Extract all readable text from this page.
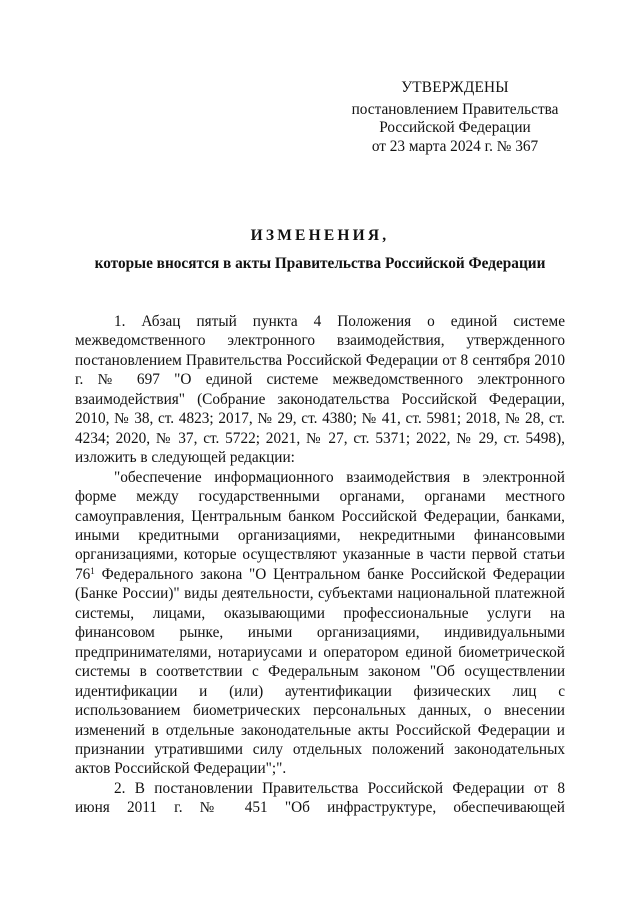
УТВЕРЖДЕНЫ
постановлением Правительства
Российской Федерации
от 23 марта 2024 г. № 367
ИЗМЕНЕНИЯ,
которые вносятся в акты Правительства Российской Федерации

1. Абзац пятый пункта 4 Положения о единой системе межведомственного электронного взаимодействия, утвержденного постановлением Правительства Российской Федерации от 8 сентября 2010 г. № 697 "О единой системе межведомственного электронного взаимодействия" (Собрание законодательства Российской Федерации, 2010, № 38, ст. 4823; 2017, № 29, ст. 4380; № 41, ст. 5981; 2018, № 28, ст. 4234; 2020, № 37, ст. 5722; 2021, № 27, ст. 5371; 2022, № 29, ст. 5498), изложить в следующей редакции:

"обеспечение информационного взаимодействия в электронной форме между государственными органами, органами местного самоуправления, Центральным банком Российской Федерации, банками, иными кредитными организациями, некредитными финансовыми организациями, которые осуществляют указанные в части первой статьи $76^1$ Федерального закона "О Центральном банке Российской Федерации (Банке России)" виды деятельности, субъектами национальной платежной системы, лицами, оказывающими профессиональные услуги на финансовом рынке, иными организациями, индивидуальными предпринимателями, нотариусами и оператором единой биометрической системы в соответствии с Федеральным законом "Об осуществлении идентификации и (или) аутентификации физических лиц с использованием биометрических персональных данных, о внесении изменений в отдельные законодательные акты Российской Федерации и признании утратившими силу отдельных положений законодательных актов Российской Федерации";".

2. В постановлении Правительства Российской Федерации от 8 июня 2011 г. № 451 "Об инфраструктуре, обеспечивающей
